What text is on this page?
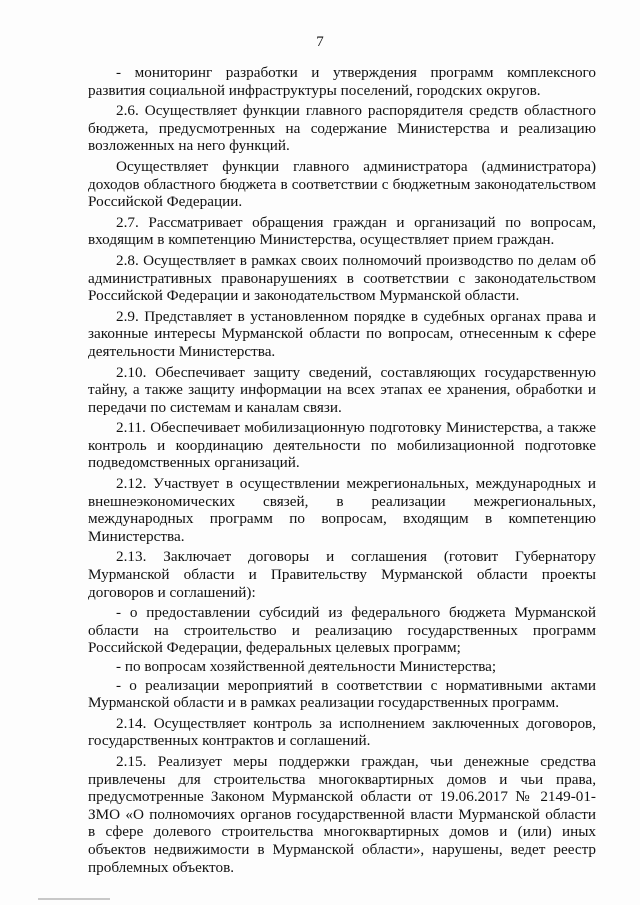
7

- мониторинг разработки и утверждения программ комплексного развития социальной инфраструктуры поселений, городских округов.

2.6. Осуществляет функции главного распорядителя средств областного бюджета, предусмотренных на содержание Министерства и реализацию возложенных на него функций.

Осуществляет функции главного администратора (администратора) доходов областного бюджета в соответствии с бюджетным законодательством Российской Федерации.

2.7. Рассматривает обращения граждан и организаций по вопросам, входящим в компетенцию Министерства, осуществляет прием граждан.

2.8. Осуществляет в рамках своих полномочий производство по делам об административных правонарушениях в соответствии с законодательством Российской Федерации и законодательством Мурманской области.

2.9. Представляет в установленном порядке в судебных органах права и законные интересы Мурманской области по вопросам, отнесенным к сфере деятельности Министерства.

2.10. Обеспечивает защиту сведений, составляющих государственную тайну, а также защиту информации на всех этапах ее хранения, обработки и передачи по системам и каналам связи.

2.11. Обеспечивает мобилизационную подготовку Министерства, а также контроль и координацию деятельности по мобилизационной подготовке подведомственных организаций.

2.12. Участвует в осуществлении межрегиональных, международных и внешнеэкономических связей, в реализации межрегиональных, международных программ по вопросам, входящим в компетенцию Министерства.

2.13. Заключает договоры и соглашения (готовит Губернатору Мурманской области и Правительству Мурманской области проекты договоров и соглашений):

- о предоставлении субсидий из федерального бюджета Мурманской области на строительство и реализацию государственных программ Российской Федерации, федеральных целевых программ;

- по вопросам хозяйственной деятельности Министерства;

- о реализации мероприятий в соответствии с нормативными актами Мурманской области и в рамках реализации государственных программ.

2.14. Осуществляет контроль за исполнением заключенных договоров, государственных контрактов и соглашений.

2.15. Реализует меры поддержки граждан, чьи денежные средства привлечены для строительства многоквартирных домов и чьи права, предусмотренные Законом Мурманской области от 19.06.2017 № 2149-01-ЗМО «О полномочиях органов государственной власти Мурманской области в сфере долевого строительства многоквартирных домов и (или) иных объектов недвижимости в Мурманской области», нарушены, ведет реестр проблемных объектов.
